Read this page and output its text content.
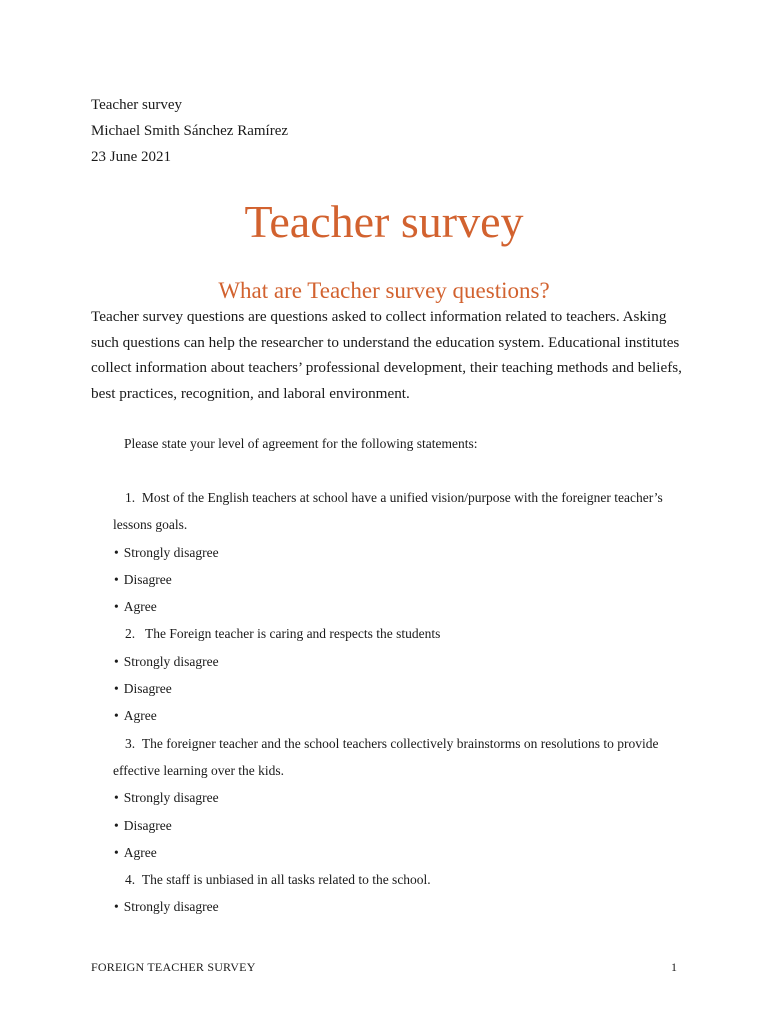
Teacher survey
Michael Smith Sánchez Ramírez
23 June 2021
Teacher survey
What are Teacher survey questions?

Teacher survey questions are questions asked to collect information related to teachers. Asking such questions can help the researcher to understand the education system. Educational institutes collect information about teachers’ professional development, their teaching methods and beliefs, best practices, recognition, and laboral environment.

Please state your level of agreement for the following statements:

1. Most of the English teachers at school have a unified vision/purpose with the foreigner teacher’s lessons goals.

• Strongly disagree

• Disagree

• Agree

2.   The Foreign teacher is caring and respects the students

• Strongly disagree

• Disagree

• Agree

3. The foreigner teacher and the school teachers collectively brainstorms on resolutions to provide effective learning over the kids.

• Strongly disagree

• Disagree

• Agree

4. The staff is unbiased in all tasks related to the school.

• Strongly disagree

FOREIGN TEACHER SURVEY	1
